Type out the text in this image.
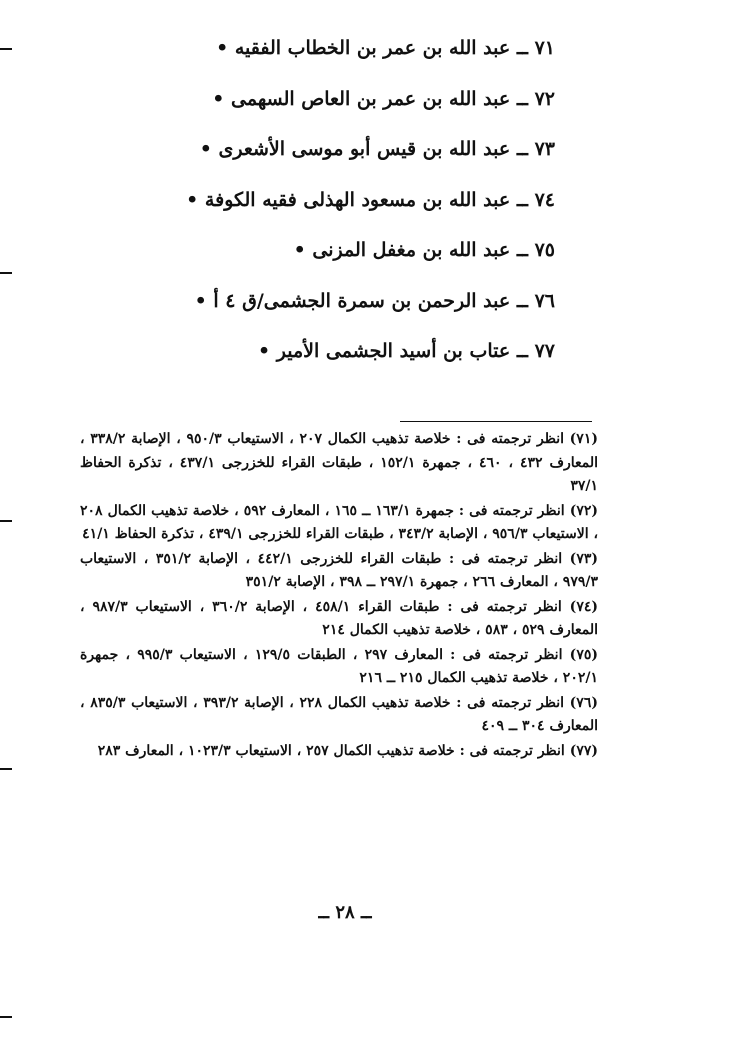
٧١ ــ عبد الله بن عمر بن الخطاب الفقيه •
٧٢ ــ عبد الله بن عمر بن العاص السهمى •
٧٣ ــ عبد الله بن قيس أبو موسى الأشعرى •
٧٤ ــ عبد الله بن مسعود الهذلى فقيه الكوفة •
٧٥ ــ عبد الله بن مغفل المزنى •
٧٦ ــ عبد الرحمن بن سمرة الجشمى/ق ٤ أ •
٧٧ ــ عتاب بن أسيد الجشمى الأمير •

(٧١) انظر ترجمته فى : خلاصة تذهيب الكمال ٢٠٧ ، الاستيعاب ٩٥٠/٣ ، الإصابة ٣٣٨/٢ ، المعارف ٤٣٢ ، ٤٦٠ ، جمهرة ١٥٢/١ ، طبقات القراء للخزرجى ٤٣٧/١ ، تذكرة الحفاظ ٣٧/١

(٧٢) انظر ترجمته فى : جمهرة ١٦٣/١ ــ ١٦٥ ، المعارف ٥٩٢ ، خلاصة تذهيب الكمال ٢٠٨ ، الاستيعاب ٩٥٦/٣ ، الإصابة ٣٤٣/٢ ، طبقات القراء للخزرجى ٤٣٩/١ ، تذكرة الحفاظ ٤١/١

(٧٣) انظر ترجمته فى : طبقات القراء للخزرجى ٤٤٢/١ ، الإصابة ٣٥١/٢ ، الاستيعاب ٩٧٩/٣ ، المعارف ٢٦٦ ، جمهرة ٢٩٧/١ ــ ٣٩٨ ، الإصابة ٣٥١/٢

(٧٤) انظر ترجمته فى : طبقات القراء ٤٥٨/١ ، الإصابة ٣٦٠/٢ ، الاستيعاب ٩٨٧/٣ ، المعارف ٥٢٩ ، ٥٨٣ ، خلاصة تذهيب الكمال ٢١٤

(٧٥) انظر ترجمته فى : المعارف ٢٩٧ ، الطبقات ١٢٩/٥ ، الاستيعاب ٩٩٥/٣ ، جمهرة ٢٠٢/١ ، خلاصة تذهيب الكمال ٢١٥ ــ ٢١٦

(٧٦) انظر ترجمته فى : خلاصة تذهيب الكمال ٢٢٨ ، الإصابة ٣٩٣/٢ ، الاستيعاب ٨٣٥/٣ ، المعارف ٣٠٤ ــ ٤٠٩

(٧٧) انظر ترجمته فى : خلاصة تذهيب الكمال ٢٥٧ ، الاستيعاب ١٠٢٣/٣ ، المعارف ٢٨٣

ــ ٢٨ ــ
